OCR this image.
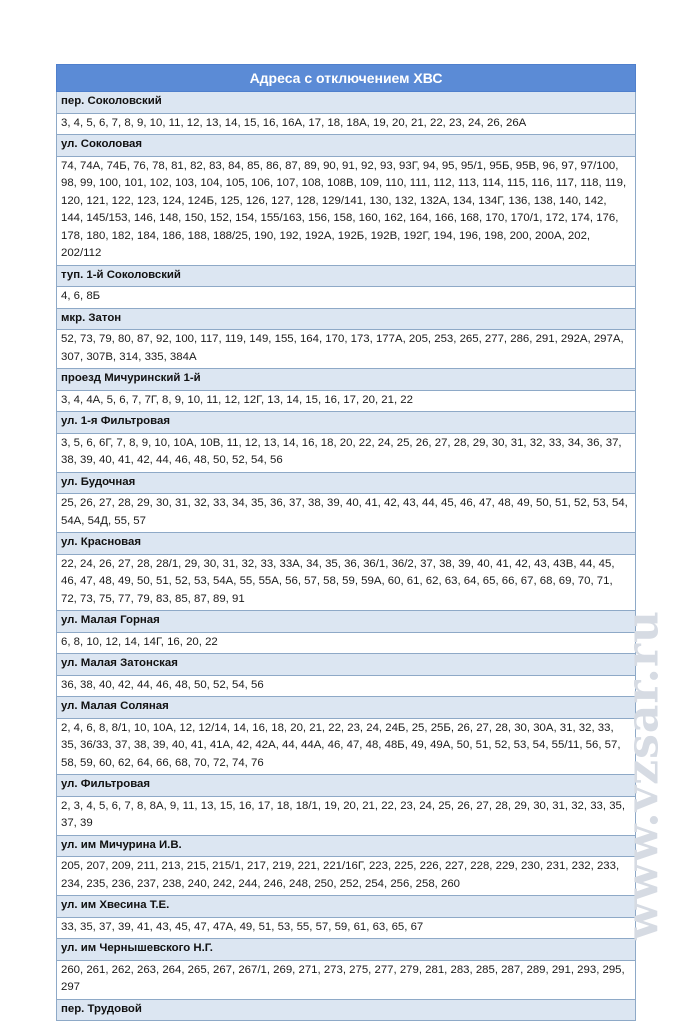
Адреса с отключением ХВС
пер. Соколовский
3, 4, 5, 6, 7, 8, 9, 10, 11, 12, 13, 14, 15, 16, 16А, 17, 18, 18А, 19, 20, 21, 22, 23, 24, 26, 26А
ул. Соколовая
74, 74А, 74Б, 76, 78, 81, 82, 83, 84, 85, 86, 87, 89, 90, 91, 92, 93, 93Г, 94, 95, 95/1, 95Б, 95В, 96, 97, 97/100, 98, 99, 100, 101, 102, 103, 104, 105, 106, 107, 108, 108В, 109, 110, 111, 112, 113, 114, 115, 116, 117, 118, 119, 120, 121, 122, 123, 124, 124Б, 125, 126, 127, 128, 129/141, 130, 132, 132А, 134, 134Г, 136, 138, 140, 142, 144, 145/153, 146, 148, 150, 152, 154, 155/163, 156, 158, 160, 162, 164, 166, 168, 170, 170/1, 172, 174, 176, 178, 180, 182, 184, 186, 188, 188/25, 190, 192, 192А, 192Б, 192В, 192Г, 194, 196, 198, 200, 200А, 202, 202/112
туп. 1-й Соколовский
4, 6, 8Б
мкр. Затон
52, 73, 79, 80, 87, 92, 100, 117, 119, 149, 155, 164, 170, 173, 177А, 205, 253, 265, 277, 286, 291, 292А, 297А, 307, 307В, 314, 335, 384А
проезд Мичуринский 1-й
3, 4, 4А, 5, 6, 7, 7Г, 8, 9, 10, 11, 12, 12Г, 13, 14, 15, 16, 17, 20, 21, 22
ул. 1-я Фильтровая
3, 5, 6, 6Г, 7, 8, 9, 10, 10А, 10В, 11, 12, 13, 14, 16, 18, 20, 22, 24, 25, 26, 27, 28, 29, 30, 31, 32, 33, 34, 36, 37, 38, 39, 40, 41, 42, 44, 46, 48, 50, 52, 54, 56
ул. Будочная
25, 26, 27, 28, 29, 30, 31, 32, 33, 34, 35, 36, 37, 38, 39, 40, 41, 42, 43, 44, 45, 46, 47, 48, 49, 50, 51, 52, 53, 54, 54А, 54Д, 55, 57
ул. Красновая
22, 24, 26, 27, 28, 28/1, 29, 30, 31, 32, 33, 33А, 34, 35, 36, 36/1, 36/2, 37, 38, 39, 40, 41, 42, 43, 43В, 44, 45, 46, 47, 48, 49, 50, 51, 52, 53, 54А, 55, 55А, 56, 57, 58, 59, 59А, 60, 61, 62, 63, 64, 65, 66, 67, 68, 69, 70, 71, 72, 73, 75, 77, 79, 83, 85, 87, 89, 91
ул. Малая Горная
6, 8, 10, 12, 14, 14Г, 16, 20, 22
ул. Малая Затонская
36, 38, 40, 42, 44, 46, 48, 50, 52, 54, 56
ул. Малая Соляная
2, 4, 6, 8, 8/1, 10, 10А, 12, 12/14, 14, 16, 18, 20, 21, 22, 23, 24, 24Б, 25, 25Б, 26, 27, 28, 30, 30А, 31, 32, 33, 35, 36/33, 37, 38, 39, 40, 41, 41А, 42, 42А, 44, 44А, 46, 47, 48, 48Б, 49, 49А, 50, 51, 52, 53, 54, 55/11, 56, 57, 58, 59, 60, 62, 64, 66, 68, 70, 72, 74, 76
ул. Фильтровая
2, 3, 4, 5, 6, 7, 8, 8А, 9, 11, 13, 15, 16, 17, 18, 18/1, 19, 20, 21, 22, 23, 24, 25, 26, 27, 28, 29, 30, 31, 32, 33, 35, 37, 39
ул. им Мичурина И.В.
205, 207, 209, 211, 213, 215, 215/1, 217, 219, 221, 221/16Г, 223, 225, 226, 227, 228, 229, 230, 231, 232, 233, 234, 235, 236, 237, 238, 240, 242, 244, 246, 248, 250, 252, 254, 256, 258, 260
ул. им Хвесина Т.Е.
33, 35, 37, 39, 41, 43, 45, 47, 47А, 49, 51, 53, 55, 57, 59, 61, 63, 65, 67
ул. им Чернышевского Н.Г.
260, 261, 262, 263, 264, 265, 267, 267/1, 269, 271, 273, 275, 277, 279, 281, 283, 285, 287, 289, 291, 293, 295, 297
пер. Трудовой
www.vzsar.ru
